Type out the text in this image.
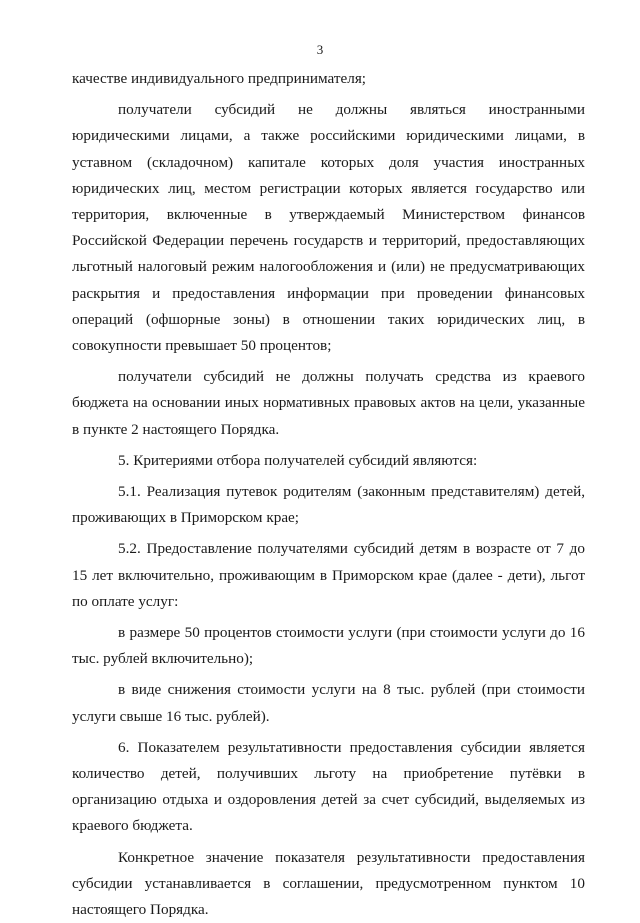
3

качестве индивидуального предпринимателя;

получатели субсидий не должны являться иностранными юридическими лицами, а также российскими юридическими лицами, в уставном (складочном) капитале которых доля участия иностранных юридических лиц, местом регистрации которых является государство или территория, включенные в утверждаемый Министерством финансов Российской Федерации перечень государств и территорий, предоставляющих льготный налоговый режим налогообложения и (или) не предусматривающих раскрытия и предоставления информации при проведении финансовых операций (офшорные зоны) в отношении таких юридических лиц, в совокупности превышает 50 процентов;

получатели субсидий не должны получать средства из краевого бюджета на основании иных нормативных правовых актов на цели, указанные в пункте 2 настоящего Порядка.

5. Критериями отбора получателей субсидий являются:

5.1. Реализация путевок родителям (законным представителям) детей, проживающих в Приморском крае;

5.2. Предоставление получателями субсидий детям в возрасте от 7 до 15 лет включительно, проживающим в Приморском крае (далее - дети), льгот по оплате услуг:

в размере 50 процентов стоимости услуги (при стоимости услуги до 16 тыс. рублей включительно);

в виде снижения стоимости услуги на 8 тыс. рублей (при стоимости услуги свыше 16 тыс. рублей).

6. Показателем результативности предоставления субсидии является количество детей, получивших льготу на приобретение путёвки в организацию отдыха и оздоровления детей за счет субсидий, выделяемых из краевого бюджета.

Конкретное значение показателя результативности предоставления субсидии устанавливается в соглашении, предусмотренном пунктом 10 настоящего Порядка.
